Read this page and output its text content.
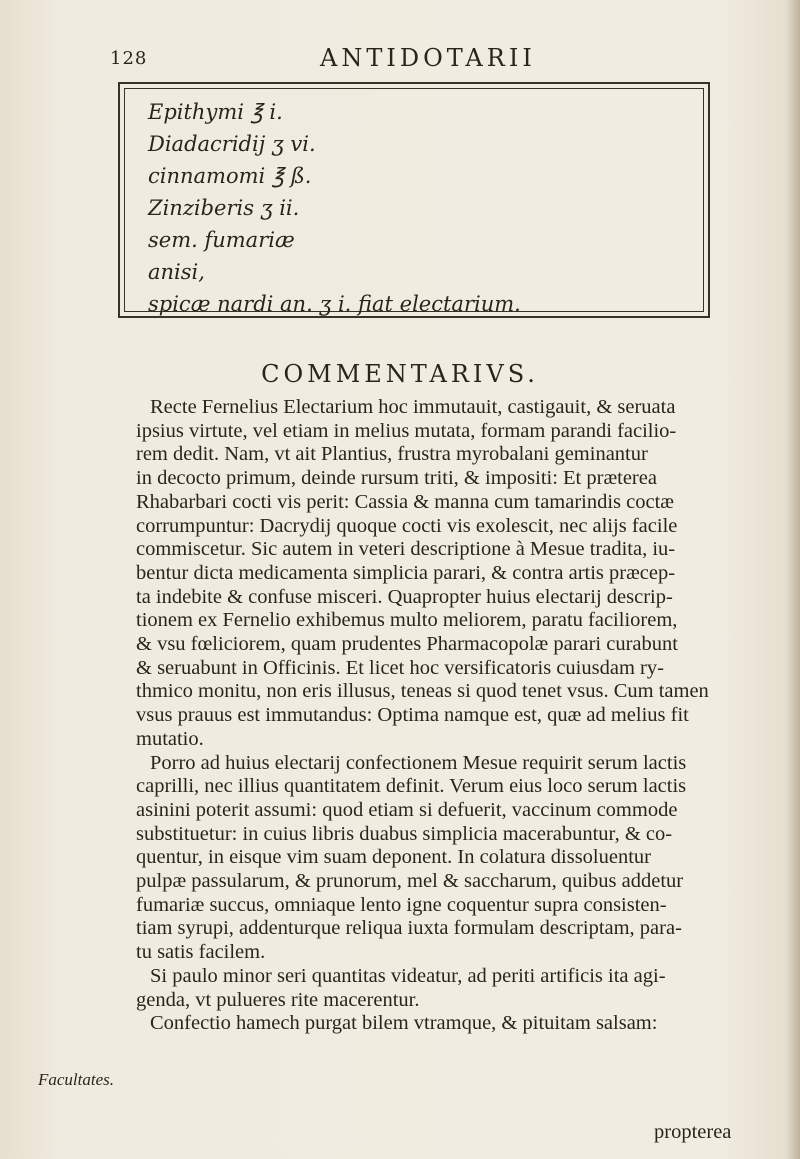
128	ANTIDOTARII
Epithymi ℥ i.
Diadacridij ʒ vi.
cinnamomi ℥ ß.
Zinziberis ʒ ii.
sem. fumariæ
anisi,
spicæ nardi an. ʒ i. fiat electarium.
COMMENTARIVS.
Recte Fernelius Electarium hoc immutauit, castigauit, & seruata
ipsius virtute, vel etiam in melius mutata, formam parandi facilio-
rem dedit. Nam, vt ait Plantius, frustra myrobalani geminantur
in decocto primum, deinde rursum triti, & impositi: Et prætereа
Rhabarbari cocti vis perit: Cassia & manna cum tamarindis coctæ
corrumpuntur: Dacrydij quoque cocti vis exolescit, nec alijs facile
commiscetur. Sic autem in veteri descriptione à Mesue tradita, iu-
bentur dicta medicamenta simplicia parari, & contra artis præcep-
ta indebite & confuse misceri. Quapropter huius electarij descrip-
tionem ex Fernelio exhibemus multo meliorem, paratu faciliorem,
& vsu fœliciorem, quam prudentes Pharmacopolæ parari curabunt
& seruabunt in Officinis. Et licet hoc versificatoris cuiusdam ry-
thmico monitu, non eris illusus, teneas si quod tenet vsus. Cum tamen
vsus prauus est immutandus: Optima namque est, quæ ad melius fit
mutatio.
Porro ad huius electarij confectionem Mesue requirit serum lactis
caprilli, nec illius quantitatem definit. Verum eius loco serum lactis
asinini poterit assumi: quod etiam si defuerit, vaccinum commode
substituetur: in cuius libris duabus simplicia macerabuntur, & co-
quentur, in eisque vim suam deponent. In colatura dissoluentur
pulpæ passularum, & prunorum, mel & saccharum, quibus addetur
fumariæ succus, omniaque lento igne coquentur supra consisten-
tiam syrupi, addenturque reliqua iuxta formulam descriptam, para-
tu satis facilem.
Si paulo minor seri quantitas videatur, ad periti artificis ita agi-
genda, vt puluеres rite macerentur.
Confectio hamech purgat bilem vtramque, & pituitam salsam:
Facultates.
propterea
